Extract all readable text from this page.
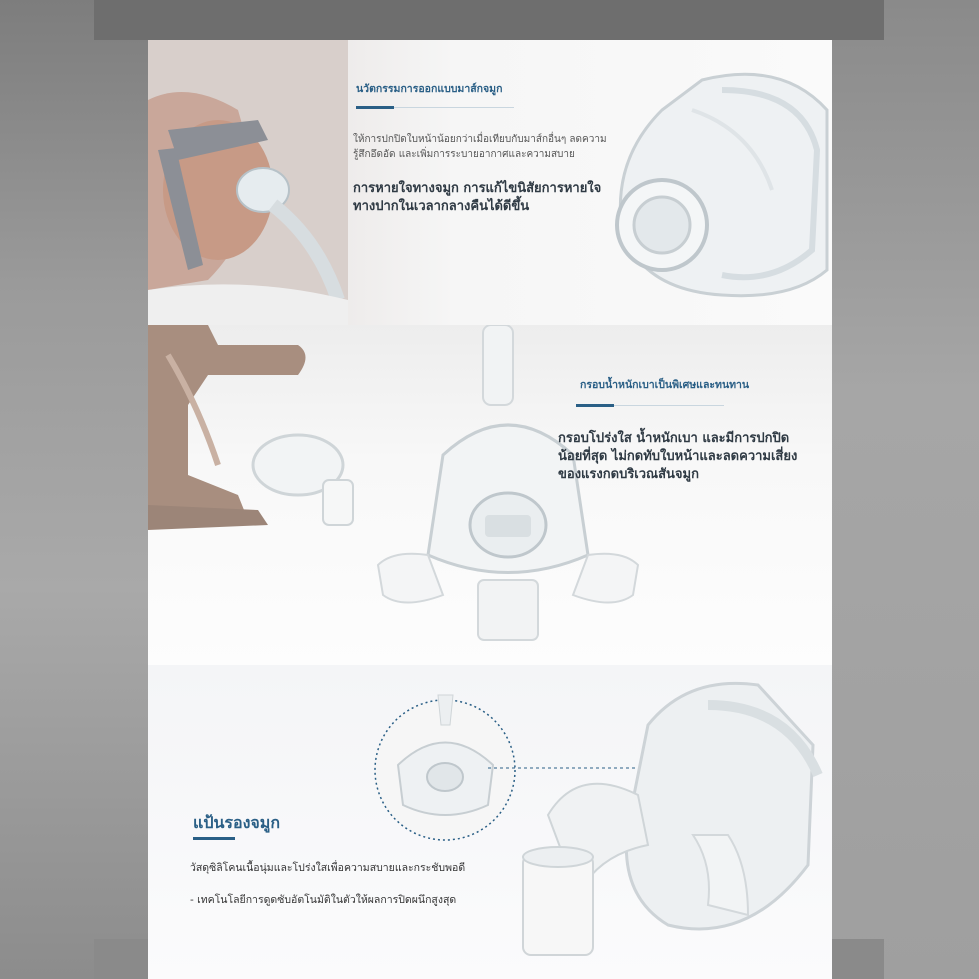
นวัตกรรมการออกแบบมาส์กจมูก
ให้การปกปิดใบหน้าน้อยกว่าเมื่อเทียบกับมาส์กอื่นๆ ลดความรู้สึกอึดอัด และเพิ่มการระบายอากาศและความสบาย
การหายใจทางจมูก การแก้ไขนิสัยการหายใจทางปากในเวลากลางคืนได้ดีขึ้น
กรอบน้ำหนักเบาเป็นพิเศษและทนทาน
กรอบโปร่งใส น้ำหนักเบา และมีการปกปิดน้อยที่สุด ไม่กดทับใบหน้าและลดความเสี่ยงของแรงกดบริเวณสันจมูก
แป้นรองจมูก
วัสดุซิลิโคนเนื้อนุ่มและโปร่งใสเพื่อความสบายและกระชับพอดี
- เทคโนโลยีการดูดซับอัตโนมัติในตัวให้ผลการปิดผนึกสูงสุด
